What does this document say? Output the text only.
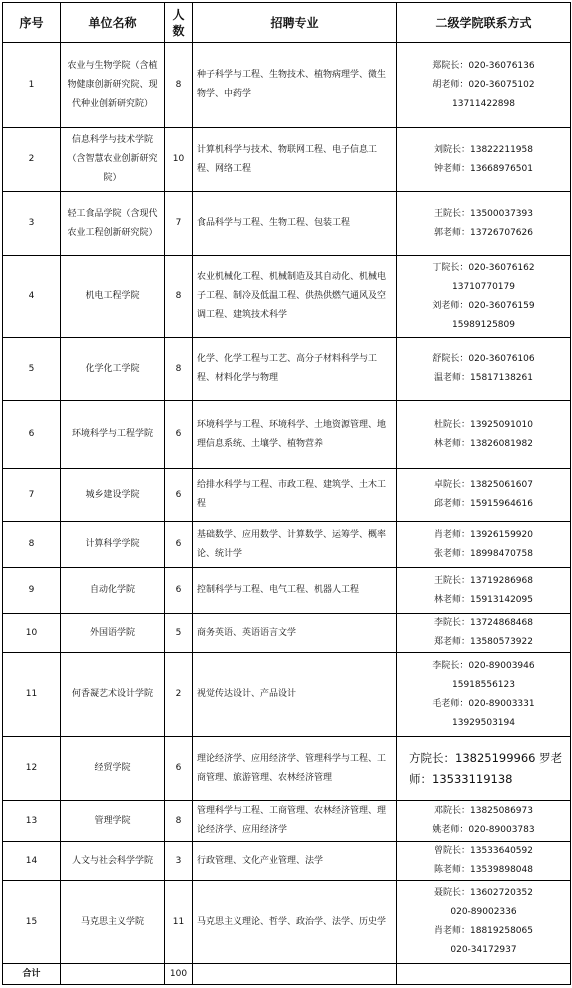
序号	单位名称	人数	招聘专业	二级学院联系方式
1	农业与生物学院（含植物健康创新研究院、现代种业创新研究院）	8	种子科学与工程、生物技术、植物病理学、微生物学、中药学	郑院长：020-36076136
胡老师：020-36075102
13711422898

2	信息科学与技术学院（含智慧农业创新研究院）	10	计算机科学与技术、物联网工程、电子信息工程、网络工程	刘院长：13822211958
钟老师：13668976501

3	轻工食品学院（含现代农业工程创新研究院）	7	食品科学与工程、生物工程、包装工程	王院长：13500037393
郭老师：13726707626

4	机电工程学院	8	农业机械化工程、机械制造及其自动化、机械电子工程、制冷及低温工程、供热供燃气通风及空调工程、建筑技术科学	丁院长：020-36076162
13710770179
刘老师：020-36076159
15989125809

5	化学化工学院	8	化学、化学工程与工艺、高分子材料科学与工程、材料化学与物理	舒院长：020-36076106
温老师：15817138261

6	环境科学与工程学院	6	环境科学与工程、环境科学、土地资源管理、地理信息系统、土壤学、植物营养	杜院长：13925091010
林老师：13826081982

7	城乡建设学院	6	给排水科学与工程、市政工程、建筑学、土木工程	卓院长：13825061607
邱老师：15915964616

8	计算科学学院	6	基础数学、应用数学、计算数学、运筹学、概率论、统计学	肖老师：13926159920
张老师：18998470758

9	自动化学院	6	控制科学与工程、电气工程、机器人工程	王院长：13719286968
林老师：15913142095

10	外国语学院	5	商务英语、英语语言文学	李院长：13724868468
郑老师：13580573922

11	何香凝艺术设计学院	2	视觉传达设计、产品设计	李院长：020-89003946
15918556123
毛老师：020-89003331
13929503194

12	经贸学院	6	理论经济学、应用经济学、管理科学与工程、工商管理、旅游管理、农林经济管理	方院长：13825199966 罗老
师：13533119138

13	管理学院	8	管理科学与工程、工商管理、农林经济管理、理论经济学、应用经济学	邓院长：13825086973
姚老师：020-89003783

14	人文与社会科学学院	3	行政管理、文化产业管理、法学	曾院长：13533640592
陈老师：13539898048

15	马克思主义学院	11	马克思主义理论、哲学、政治学、法学、历史学	聂院长：13602720352
020-89002336
肖老师：18819258065
020-34172937

合计		100		
